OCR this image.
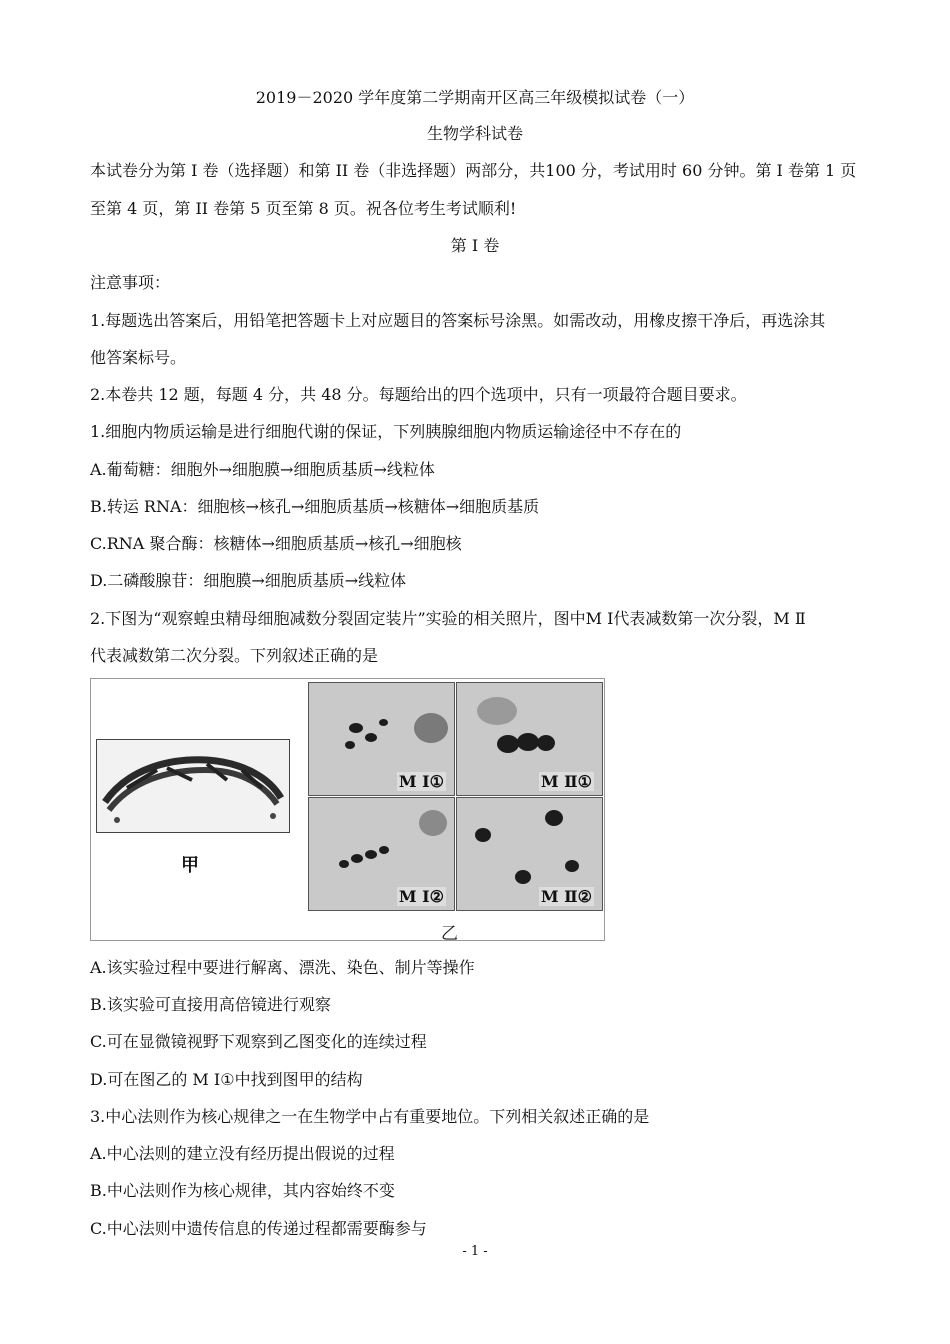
2019－2020 学年度第二学期南开区高三年级模拟试卷（一）
生物学科试卷
本试卷分为第 I 卷（选择题）和第 II 卷（非选择题）两部分，共100 分，考试用时 60 分钟。第 I 卷第 1 页
至第 4 页，第 II 卷第 5 页至第 8 页。祝各位考生考试顺利!
第 I 卷
注意事项：
1.每题选出答案后，用铅笔把答题卡上对应题目的答案标号涂黑。如需改动，用橡皮擦干净后，再选涂其
他答案标号。
2.本卷共 12 题，每题 4 分，共 48 分。每题给出的四个选项中，只有一项最符合题目要求。
1.细胞内物质运输是进行细胞代谢的保证，下列胰腺细胞内物质运输途径中不存在的
A.葡萄糖：细胞外→细胞膜→细胞质基质→线粒体
B.转运 RNA：细胞核→核孔→细胞质基质→核糖体→细胞质基质
C.RNA 聚合酶：核糖体→细胞质基质→核孔→细胞核
D.二磷酸腺苷：细胞膜→细胞质基质→线粒体
2.下图为“观察蝗虫精母细胞减数分裂固定装片”实验的相关照片，图中M Ⅰ代表减数第一次分裂，M Ⅱ
代表减数第二次分裂。下列叙述正确的是
甲
M Ⅰ①	M Ⅱ①
M Ⅰ②	M Ⅱ②
乙
A.该实验过程中要进行解离、漂洗、染色、制片等操作
B.该实验可直接用高倍镜进行观察
C.可在显微镜视野下观察到乙图变化的连续过程
D.可在图乙的 M Ⅰ①中找到图甲的结构
3.中心法则作为核心规律之一在生物学中占有重要地位。下列相关叙述正确的是
A.中心法则的建立没有经历提出假说的过程
B.中心法则作为核心规律，其内容始终不变
C.中心法则中遗传信息的传递过程都需要酶参与
- 1 -
